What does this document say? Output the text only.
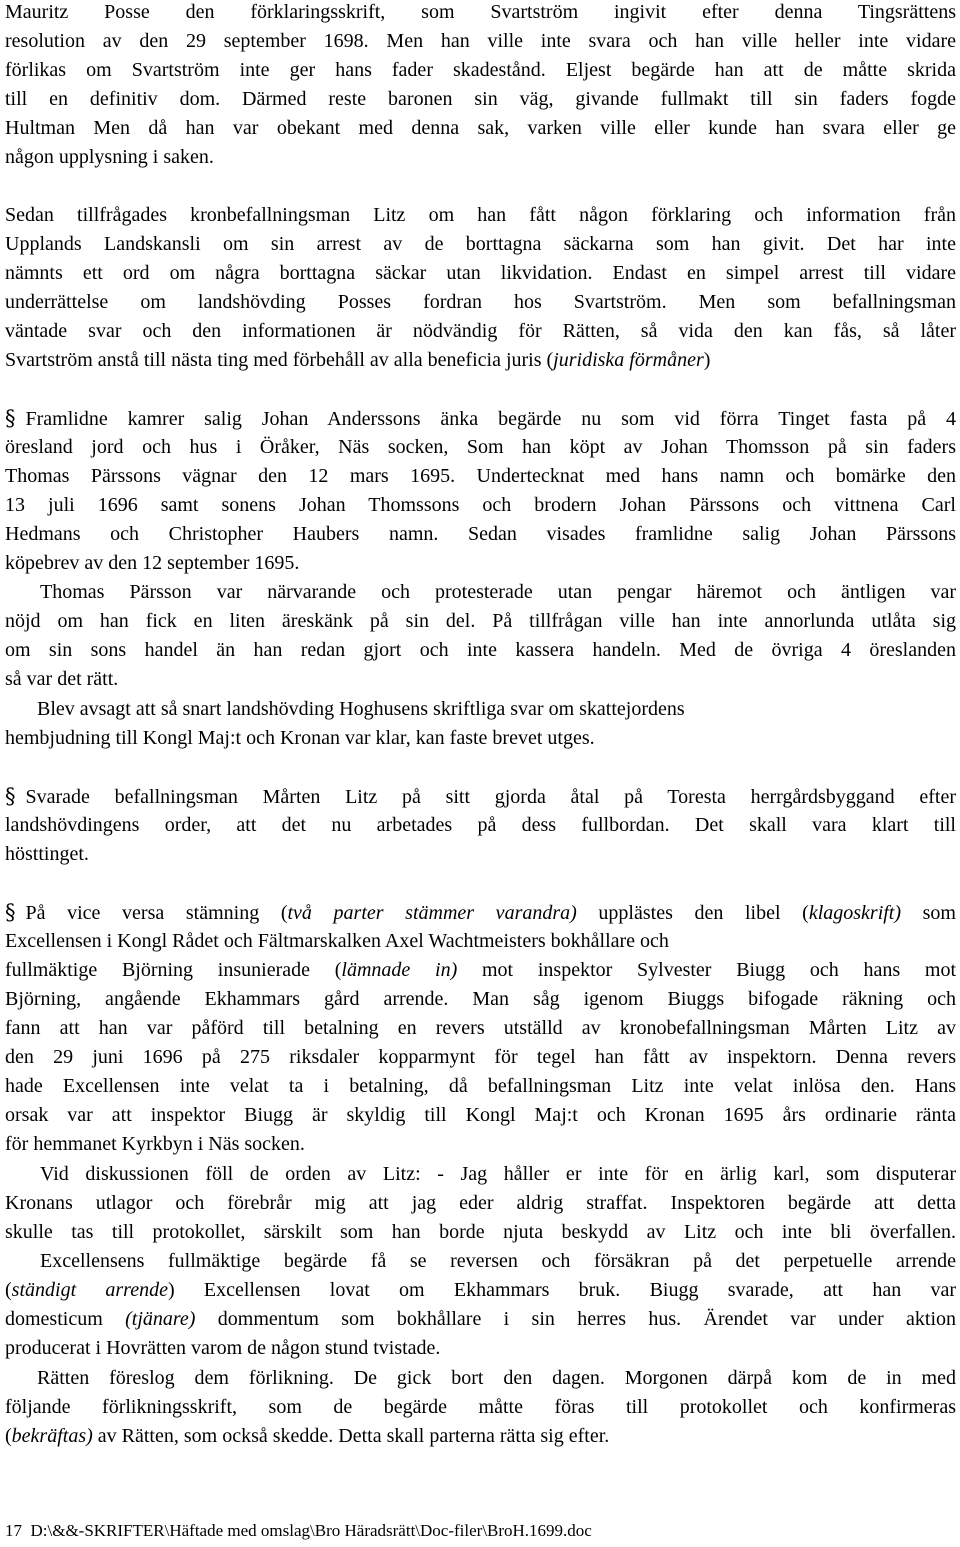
Mauritz Posse den förklaringsskrift, som Svartström ingivit efter denna Tingsrättens
resolution av den 29 september 1698. Men han ville inte svara och han ville heller inte vidare
förlikas om Svartström inte ger hans fader skadestånd. Eljest begärde han att de måtte skrida
till en definitiv dom. Därmed reste baronen sin väg, givande fullmakt till sin faders fogde
Hultman Men då han var obekant med denna sak, varken ville eller kunde han svara eller ge
någon upplysning i saken.
Sedan tillfrågades kronbefallningsman Litz om han fått någon förklaring och information från
Upplands Landskansli om sin arrest av de borttagna säckarna som han givit. Det har inte
nämnts ett ord om några borttagna säckar utan likvidation. Endast en simpel arrest till vidare
underrättelse om landshövding Posses fordran hos Svartström. Men som befallningsman
väntade svar och den informationen är nödvändig för Rätten, så vida den kan fås, så låter
Svartström anstå till nästa ting med förbehåll av alla beneficia juris (juridiska förmåner)
§ Framlidne kamrer salig Johan Anderssons änka begärde nu som vid förra Tinget fasta på 4
öresland jord och hus i Öråker, Näs socken, Som han köpt av Johan Thomsson på sin faders
Thomas Pärssons vägnar den 12 mars 1695. Undertecknat med hans namn och bomärke den
13 juli 1696 samt sonens Johan Thomssons och brodern Johan Pärssons och vittnena Carl
Hedmans och Christopher Haubers namn. Sedan visades framlidne salig Johan Pärssons
köpebrev av den 12 september 1695.
Thomas Pärsson var närvarande och protesterade utan pengar häremot och äntligen var
nöjd om han fick en liten äreskänk på sin del. På tillfrågan ville han inte annorlunda utlåta sig
om sin sons handel än han redan gjort och inte kassera handeln. Med de övriga 4 öreslanden
så var det rätt.
Blev avsagt att så snart landshövding Hoghusens skriftliga svar om skattejordens
hembjudning till Kongl Maj:t och Kronan var klar, kan faste brevet utges.
§ Svarade befallningsman Mårten Litz på sitt gjorda åtal på Toresta herrgårdsbyggand efter
landshövdingens order, att det nu arbetades på dess fullbordan. Det skall vara klart till
hösttinget.
§ På vice versa stämning (två parter stämmer varandra) upplästes den libel (klagoskrift) som
Excellensen i Kongl Rådet och Fältmarskalken Axel Wachtmeisters bokhållare och
fullmäktige Björning insunierade (lämnade in) mot inspektor Sylvester Biugg och hans mot
Björning, angående Ekhammars gård arrende. Man såg igenom Biuggs bifogade räkning och
fann att han var påförd till betalning en revers utställd av kronobefallningsman Mårten Litz av
den 29 juni 1696 på 275 riksdaler kopparmynt för tegel han fått av inspektorn. Denna revers
hade Excellensen inte velat ta i betalning, då befallningsman Litz inte velat inlösa den. Hans
orsak var att inspektor Biugg är skyldig till Kongl Maj:t och Kronan 1695 års ordinarie ränta
för hemmanet Kyrkbyn i Näs socken.
Vid diskussionen föll de orden av Litz: - Jag håller er inte för en ärlig karl, som disputerar
Kronans utlagor och förebrår mig att jag eder aldrig straffat. Inspektoren begärde att detta
skulle tas till protokollet, särskilt som han borde njuta beskydd av Litz och inte bli överfallen.
Excellensens fullmäktige begärde få se reversen och försäkran på det perpetuelle arrende
(ständigt arrende) Excellensen lovat om Ekhammars bruk. Biugg svarade, att han var
domesticum (tjänare) dommentum som bokhållare i sin herres hus. Ärendet var under aktion
producerat i Hovrätten varom de någon stund tvistade.
Rätten föreslog dem förlikning. De gick bort den dagen. Morgonen därpå kom de in med
följande förlikningsskrift, som de begärde måtte föras till protokollet och konfirmeras
(bekräftas) av Rätten, som också skedde. Detta skall parterna rätta sig efter.
17 D:\&&-SKRIFTER\Häftade med omslag\Bro Häradsrätt\Doc-filer\BroH.1699.doc
